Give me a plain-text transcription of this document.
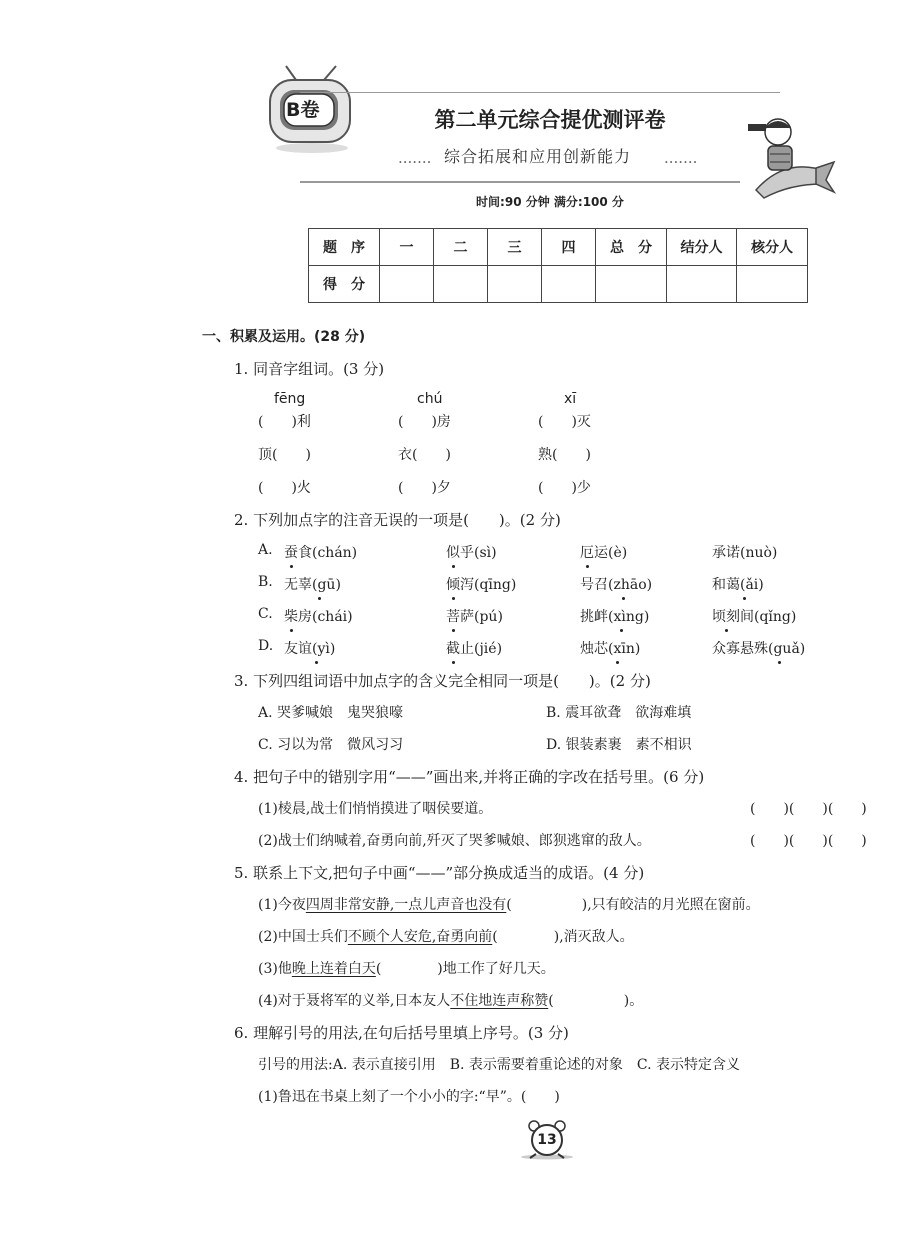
B卷	第二单元综合提优测评卷
······· 综合拓展和应用创新能力 ·······
时间:90 分钟 满分:100 分
题　序	一	二	三	四	总　分	结分人	核分人
得　分							
一、积累及运用。(28 分)
1. 同音字组词。(3 分)
fēng	chú	xī
(　　)利	(　　)房	(　　)灭
顶(　　)	衣(　　)	熟(　　)
(　　)火	(　　)夕	(　　)少
2. 下列加点字的注音无误的一项是(　　)。(2 分)
A. 蚕食(chán)	似乎(sì)	厄运(è)	承诺(nuò)
B. 无辜(gū)	倾泻(qīng)	号召(zhāo)	和蔼(ǎi)
C. 柴房(chái)	菩萨(pú)	挑衅(xìng)	顷刻间(qǐng)
D. 友谊(yì)	截止(jié)	烛芯(xīn)	众寡悬殊(guǎ)
3. 下列四组词语中加点字的含义完全相同一项是(　　)。(2 分)
A. 哭爹喊娘　鬼哭狼嚎	B. 震耳欲聋　欲海难填
C. 习以为常　微风习习	D. 银装素裹　素不相识
4. 把句子中的错别字用“——”画出来,并将正确的字改在括号里。(6 分)
(1)棱晨,战士们悄悄摸进了咽侯要道。	(　　)(　　)(　　)
(2)战士们纳喊着,奋勇向前,歼灭了哭爹喊娘、郎狈逃窜的敌人。	(　　)(　　)(　　)
5. 联系上下文,把句子中画“——”部分换成适当的成语。(4 分)
(1)今夜四周非常安静,一点儿声音也没有(　　　　　),只有皎洁的月光照在窗前。
(2)中国士兵们不顾个人安危,奋勇向前(　　　　),消灭敌人。
(3)他晚上连着白天(　　　　)地工作了好几天。
(4)对于聂将军的义举,日本友人不住地连声称赞(　　　　　)。
6. 理解引号的用法,在句后括号里填上序号。(3 分)
引号的用法:A. 表示直接引用　B. 表示需要着重论述的对象　C. 表示特定含义
(1)鲁迅在书桌上刻了一个小小的字:“早”。(　　)
13
